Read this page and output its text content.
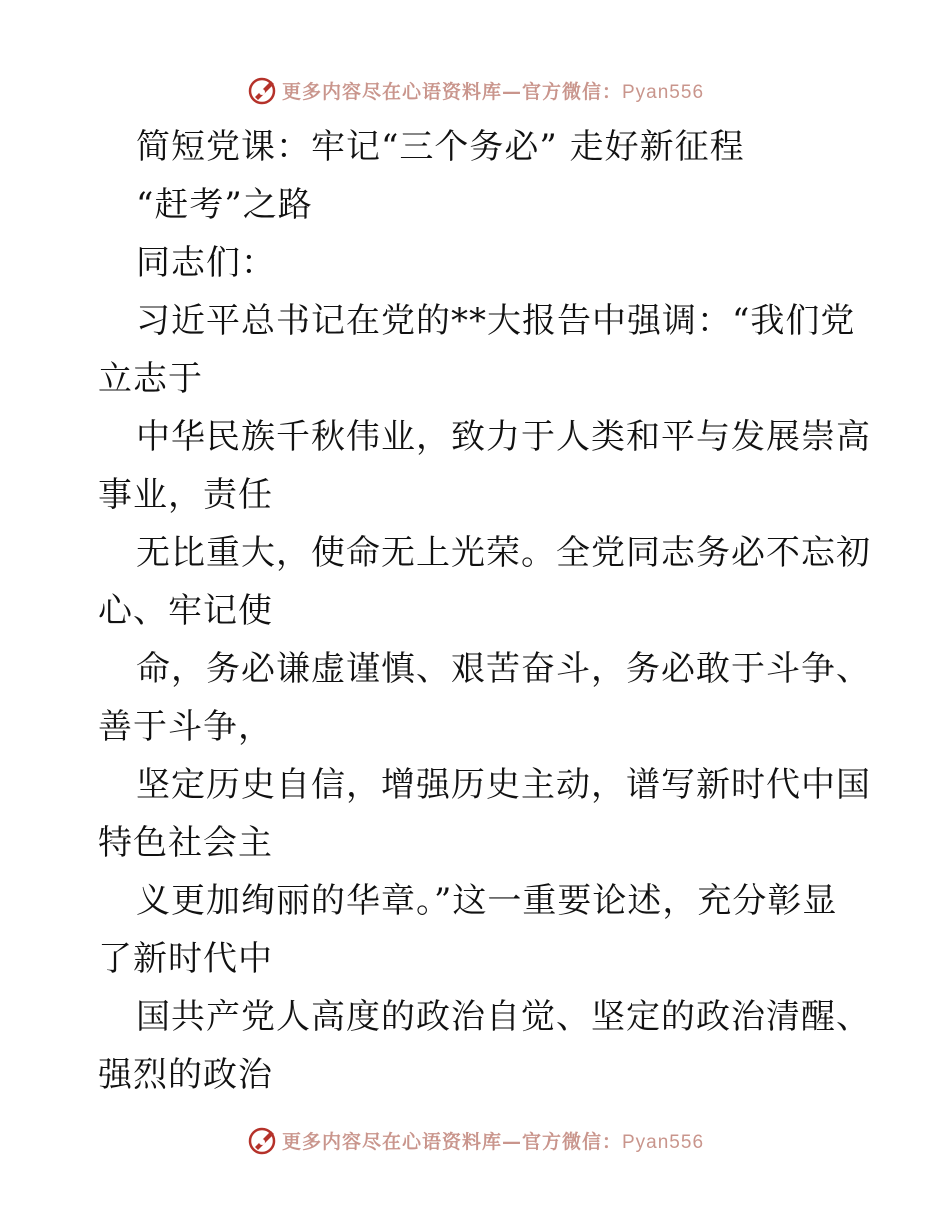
更多内容尽在心语资料库—官方微信：Pyan556
简短党课：牢记“三个务必” 走好新征程
“赶考”之路
同志们：
习近平总书记在党的**大报告中强调：“我们党
立志于
中华民族千秋伟业，致力于人类和平与发展崇高
事业，责任
无比重大，使命无上光荣。全党同志务必不忘初
心、牢记使
命，务必谦虚谨慎、艰苦奋斗，务必敢于斗争、
善于斗争，
坚定历史自信，增强历史主动，谱写新时代中国
特色社会主
义更加绚丽的华章。”这一重要论述，充分彰显
了新时代中
国共产党人高度的政治自觉、坚定的政治清醒、
强烈的政治
更多内容尽在心语资料库—官方微信：Pyan556
